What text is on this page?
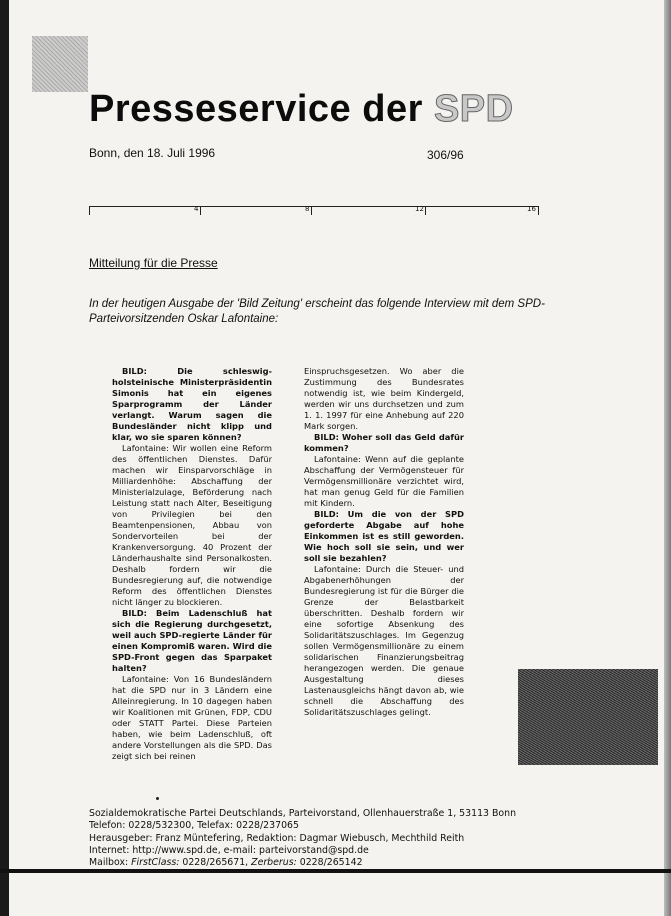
Presseservice der SPD
Bonn, den 18. Juli 1996	306/96
4	8	12	16
Mitteilung für die Presse
In der heutigen Ausgabe der 'Bild Zeitung' erscheint das folgende Interview mit dem SPD-Parteivorsitzenden Oskar Lafontaine:

BILD: Die schleswig-holsteinische Ministerpräsidentin Simonis hat ein eigenes Sparprogramm der Länder verlangt. Warum sagen die Bundesländer nicht klipp und klar, wo sie sparen können?

Lafontaine: Wir wollen eine Reform des öffentlichen Dienstes. Dafür machen wir Einsparvorschläge in Milliardenhöhe: Abschaffung der Ministerialzulage, Beförderung nach Leistung statt nach Alter, Beseitigung von Privilegien bei den Beamtenpensionen, Abbau von Sondervorteilen bei der Krankenversorgung. 40 Prozent der Länderhaushalte sind Personalkosten. Deshalb fordern wir die Bundesregierung auf, die notwendige Reform des öffentlichen Dienstes nicht länger zu blockieren.

BILD: Beim Ladenschluß hat sich die Regierung durchgesetzt, weil auch SPD-regierte Länder für einen Kompromiß waren. Wird die SPD-Front gegen das Sparpaket halten?

Lafontaine: Von 16 Bundesländern hat die SPD nur in 3 Ländern eine Alleinregierung. In 10 dagegen haben wir Koalitionen mit Grünen, FDP, CDU oder STATT Partei. Diese Parteien haben, wie beim Ladenschluß, oft andere Vorstellungen als die SPD. Das zeigt sich bei reinen

Einspruchsgesetzen. Wo aber die Zustimmung des Bundesrates notwendig ist, wie beim Kindergeld, werden wir uns durchsetzen und zum 1. 1. 1997 für eine Anhebung auf 220 Mark sorgen.

BILD: Woher soll das Geld dafür kommen?

Lafontaine: Wenn auf die geplante Abschaffung der Vermögensteuer für Vermögensmillionäre verzichtet wird, hat man genug Geld für die Familien mit Kindern.

BILD: Um die von der SPD geforderte Abgabe auf hohe Einkommen ist es still geworden. Wie hoch soll sie sein, und wer soll sie bezahlen?

Lafontaine: Durch die Steuer- und Abgabenerhöhungen der Bundesregierung ist für die Bürger die Grenze der Belastbarkeit überschritten. Deshalb fordern wir eine sofortige Absenkung des Solidaritätszuschlages. Im Gegenzug sollen Vermögensmillionäre zu einem solidarischen Finanzierungsbeitrag herangezogen werden. Die genaue Ausgestaltung dieses Lastenausgleichs hängt davon ab, wie schnell die Abschaffung des Solidaritätszuschlages gelingt.

Sozialdemokratische Partei Deutschlands, Parteivorstand, Ollenhauerstraße 1, 53113 Bonn
Telefon: 0228/532300, Telefax: 0228/237065
Herausgeber: Franz Müntefering, Redaktion: Dagmar Wiebusch, Mechthild Reith
Internet: http://www.spd.de, e-mail: parteivorstand@spd.de
Mailbox: FirstClass: 0228/265671, Zerberus: 0228/265142
